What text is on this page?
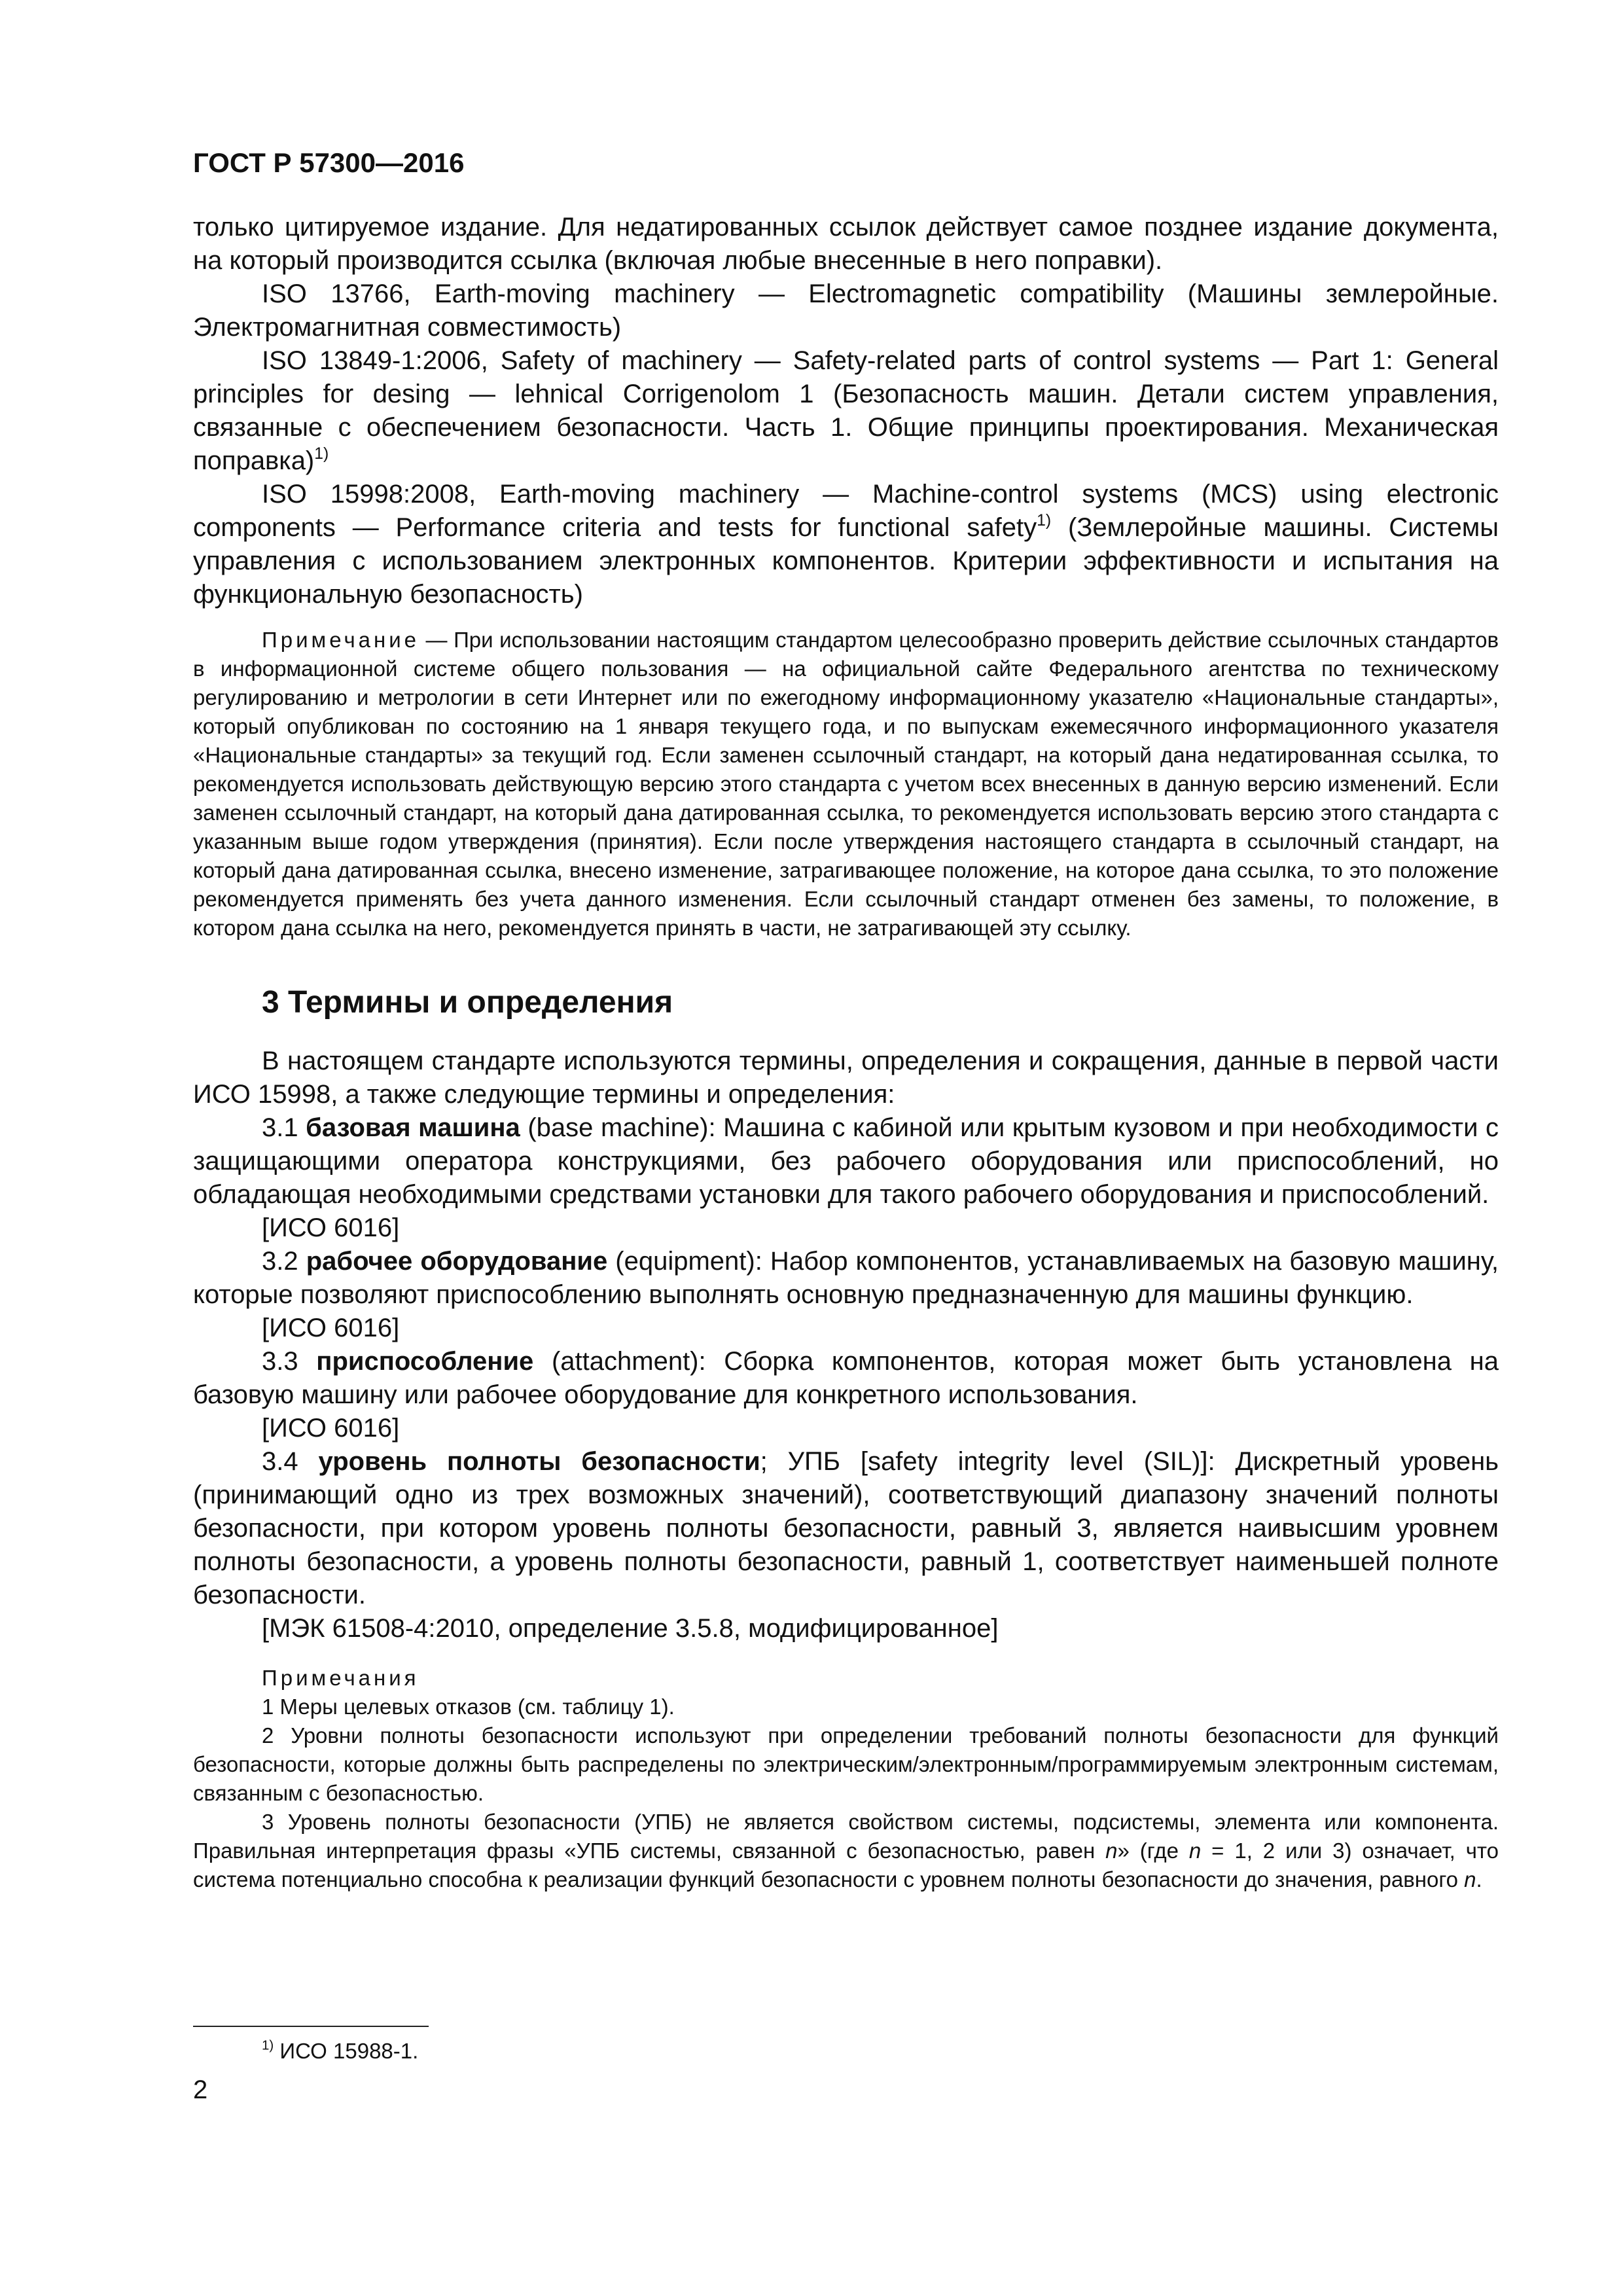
ГОСТ Р 57300—2016

только цитируемое издание. Для недатированных ссылок действует самое позднее издание документа, на который производится ссылка (включая любые внесенные в него поправки).

ISO 13766, Earth-moving machinery — Electromagnetic compatibility (Машины землеройные. Электромагнитная совместимость)

ISO 13849-1:2006, Safety of machinery — Safety-related parts of control systems — Part 1: General principles for desing — lehnical Corrigenolom 1 (Безопасность машин. Детали систем управления, связанные с обеспечением безопасности. Часть 1. Общие принципы проектирования. Механическая поправка)$^{1)}$

ISO 15998:2008, Earth-moving machinery — Machine-control systems (MCS) using electronic components — Performance criteria and tests for functional safety$^{1)}$ (Землеройные машины. Системы управления с использованием электронных компонентов. Критерии эффективности и испытания на функциональную безопасность)

Примечание — При использовании настоящим стандартом целесообразно проверить действие ссылочных стандартов в информационной системе общего пользования — на официальной сайте Федерального агентства по техническому регулированию и метрологии в сети Интернет или по ежегодному информационному указателю «Национальные стандарты», который опубликован по состоянию на 1 января текущего года, и по выпускам ежемесячного информационного указателя «Национальные стандарты» за текущий год. Если заменен ссылочный стандарт, на который дана недатированная ссылка, то рекомендуется использовать действующую версию этого стандарта с учетом всех внесенных в данную версию изменений. Если заменен ссылочный стандарт, на который дана датированная ссылка, то рекомендуется использовать версию этого стандарта с указанным выше годом утверждения (принятия). Если после утверждения настоящего стандарта в ссылочный стандарт, на который дана датированная ссылка, внесено изменение, затрагивающее положение, на которое дана ссылка, то это положение рекомендуется применять без учета данного изменения. Если ссылочный стандарт отменен без замены, то положение, в котором дана ссылка на него, рекомендуется принять в части, не затрагивающей эту ссылку.

3 Термины и определения

В настоящем стандарте используются термины, определения и сокращения, данные в первой части ИСО 15998, а также следующие термины и определения:

3.1 базовая машина (base machine): Машина с кабиной или крытым кузовом и при необходимости с защищающими оператора конструкциями, без рабочего оборудования или приспособлений, но обладающая необходимыми средствами установки для такого рабочего оборудования и приспособлений.

[ИСО 6016]

3.2 рабочее оборудование (equipment): Набор компонентов, устанавливаемых на базовую машину, которые позволяют приспособлению выполнять основную предназначенную для машины функцию.

[ИСО 6016]

3.3 приспособление (attachment): Сборка компонентов, которая может быть установлена на базовую машину или рабочее оборудование для конкретного использования.

[ИСО 6016]

3.4 уровень полноты безопасности; УПБ [safety integrity level (SIL)]: Дискретный уровень (принимающий одно из трех возможных значений), соответствующий диапазону значений полноты безопасности, при котором уровень полноты безопасности, равный 3, является наивысшим уровнем полноты безопасности, а уровень полноты безопасности, равный 1, соответствует наименьшей полноте безопасности.

[МЭК 61508-4:2010, определение 3.5.8, модифицированное]

Примечания

1 Меры целевых отказов (см. таблицу 1).

2 Уровни полноты безопасности используют при определении требований полноты безопасности для функций безопасности, которые должны быть распределены по электрическим/электронным/программируемым электронным системам, связанным с безопасностью.

3 Уровень полноты безопасности (УПБ) не является свойством системы, подсистемы, элемента или компонента. Правильная интерпретация фразы «УПБ системы, связанной с безопасностью, равен n» (где n = 1, 2 или 3) означает, что система потенциально способна к реализации функций безопасности с уровнем полноты безопасности до значения, равного n.

$^{1)}$ ИСО 15988-1.
2
